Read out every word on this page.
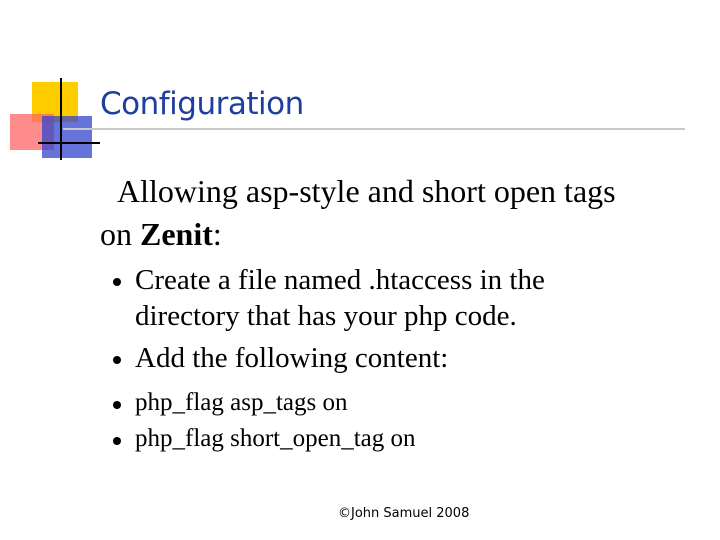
Configuration
Allowing asp-style and short open tags
on Zenit:
Create a file named .htaccess in the
directory that has your php code.
Add the following content:
php_flag asp_tags on
php_flag short_open_tag on
©John Samuel 2008
